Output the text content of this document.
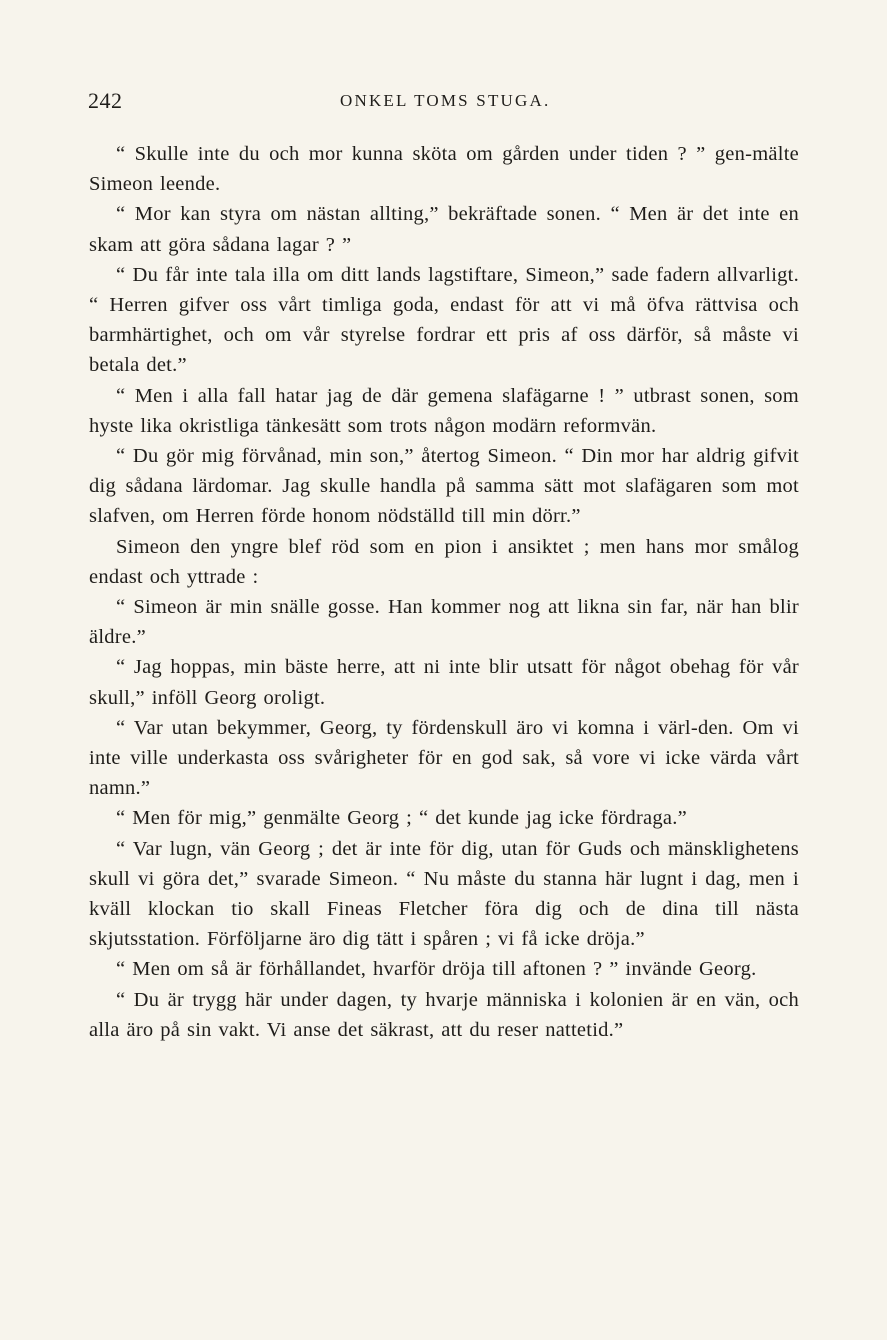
242	ONKEL TOMS STUGA.

“ Skulle inte du och mor kunna sköta om gården under tiden ? ” gen-mälte Simeon leende.

“ Mor kan styra om nästan allting,” bekräftade sonen. “ Men är det inte en skam att göra sådana lagar ? ”

“ Du får inte tala illa om ditt lands lagstiftare, Simeon,” sade fadern allvarligt. “ Herren gifver oss vårt timliga goda, endast för att vi må öfva rättvisa och barmhärtighet, och om vår styrelse fordrar ett pris af oss därför, så måste vi betala det.”

“ Men i alla fall hatar jag de där gemena slafägarne ! ” utbrast sonen, som hyste lika okristliga tänkesätt som trots någon modärn reformvän.

“ Du gör mig förvånad, min son,” återtog Simeon. “ Din mor har aldrig gifvit dig sådana lärdomar. Jag skulle handla på samma sätt mot slafägaren som mot slafven, om Herren förde honom nödställd till min dörr.”

Simeon den yngre blef röd som en pion i ansiktet ; men hans mor smålog endast och yttrade :

“ Simeon är min snälle gosse. Han kommer nog att likna sin far, när han blir äldre.”

“ Jag hoppas, min bäste herre, att ni inte blir utsatt för något obehag för vår skull,” inföll Georg oroligt.

“ Var utan bekymmer, Georg, ty fördenskull äro vi komna i värl-den. Om vi inte ville underkasta oss svårigheter för en god sak, så vore vi icke värda vårt namn.”

“ Men för mig,” genmälte Georg ; “ det kunde jag icke fördraga.”

“ Var lugn, vän Georg ; det är inte för dig, utan för Guds och mänsklighetens skull vi göra det,” svarade Simeon. “ Nu måste du stanna här lugnt i dag, men i kväll klockan tio skall Fineas Fletcher föra dig och de dina till nästa skjutsstation. Förföljarne äro dig tätt i spåren ; vi få icke dröja.”

“ Men om så är förhållandet, hvarför dröja till aftonen ? ” invände Georg.

“ Du är trygg här under dagen, ty hvarje människa i kolonien är en vän, och alla äro på sin vakt. Vi anse det säkrast, att du reser nattetid.”
